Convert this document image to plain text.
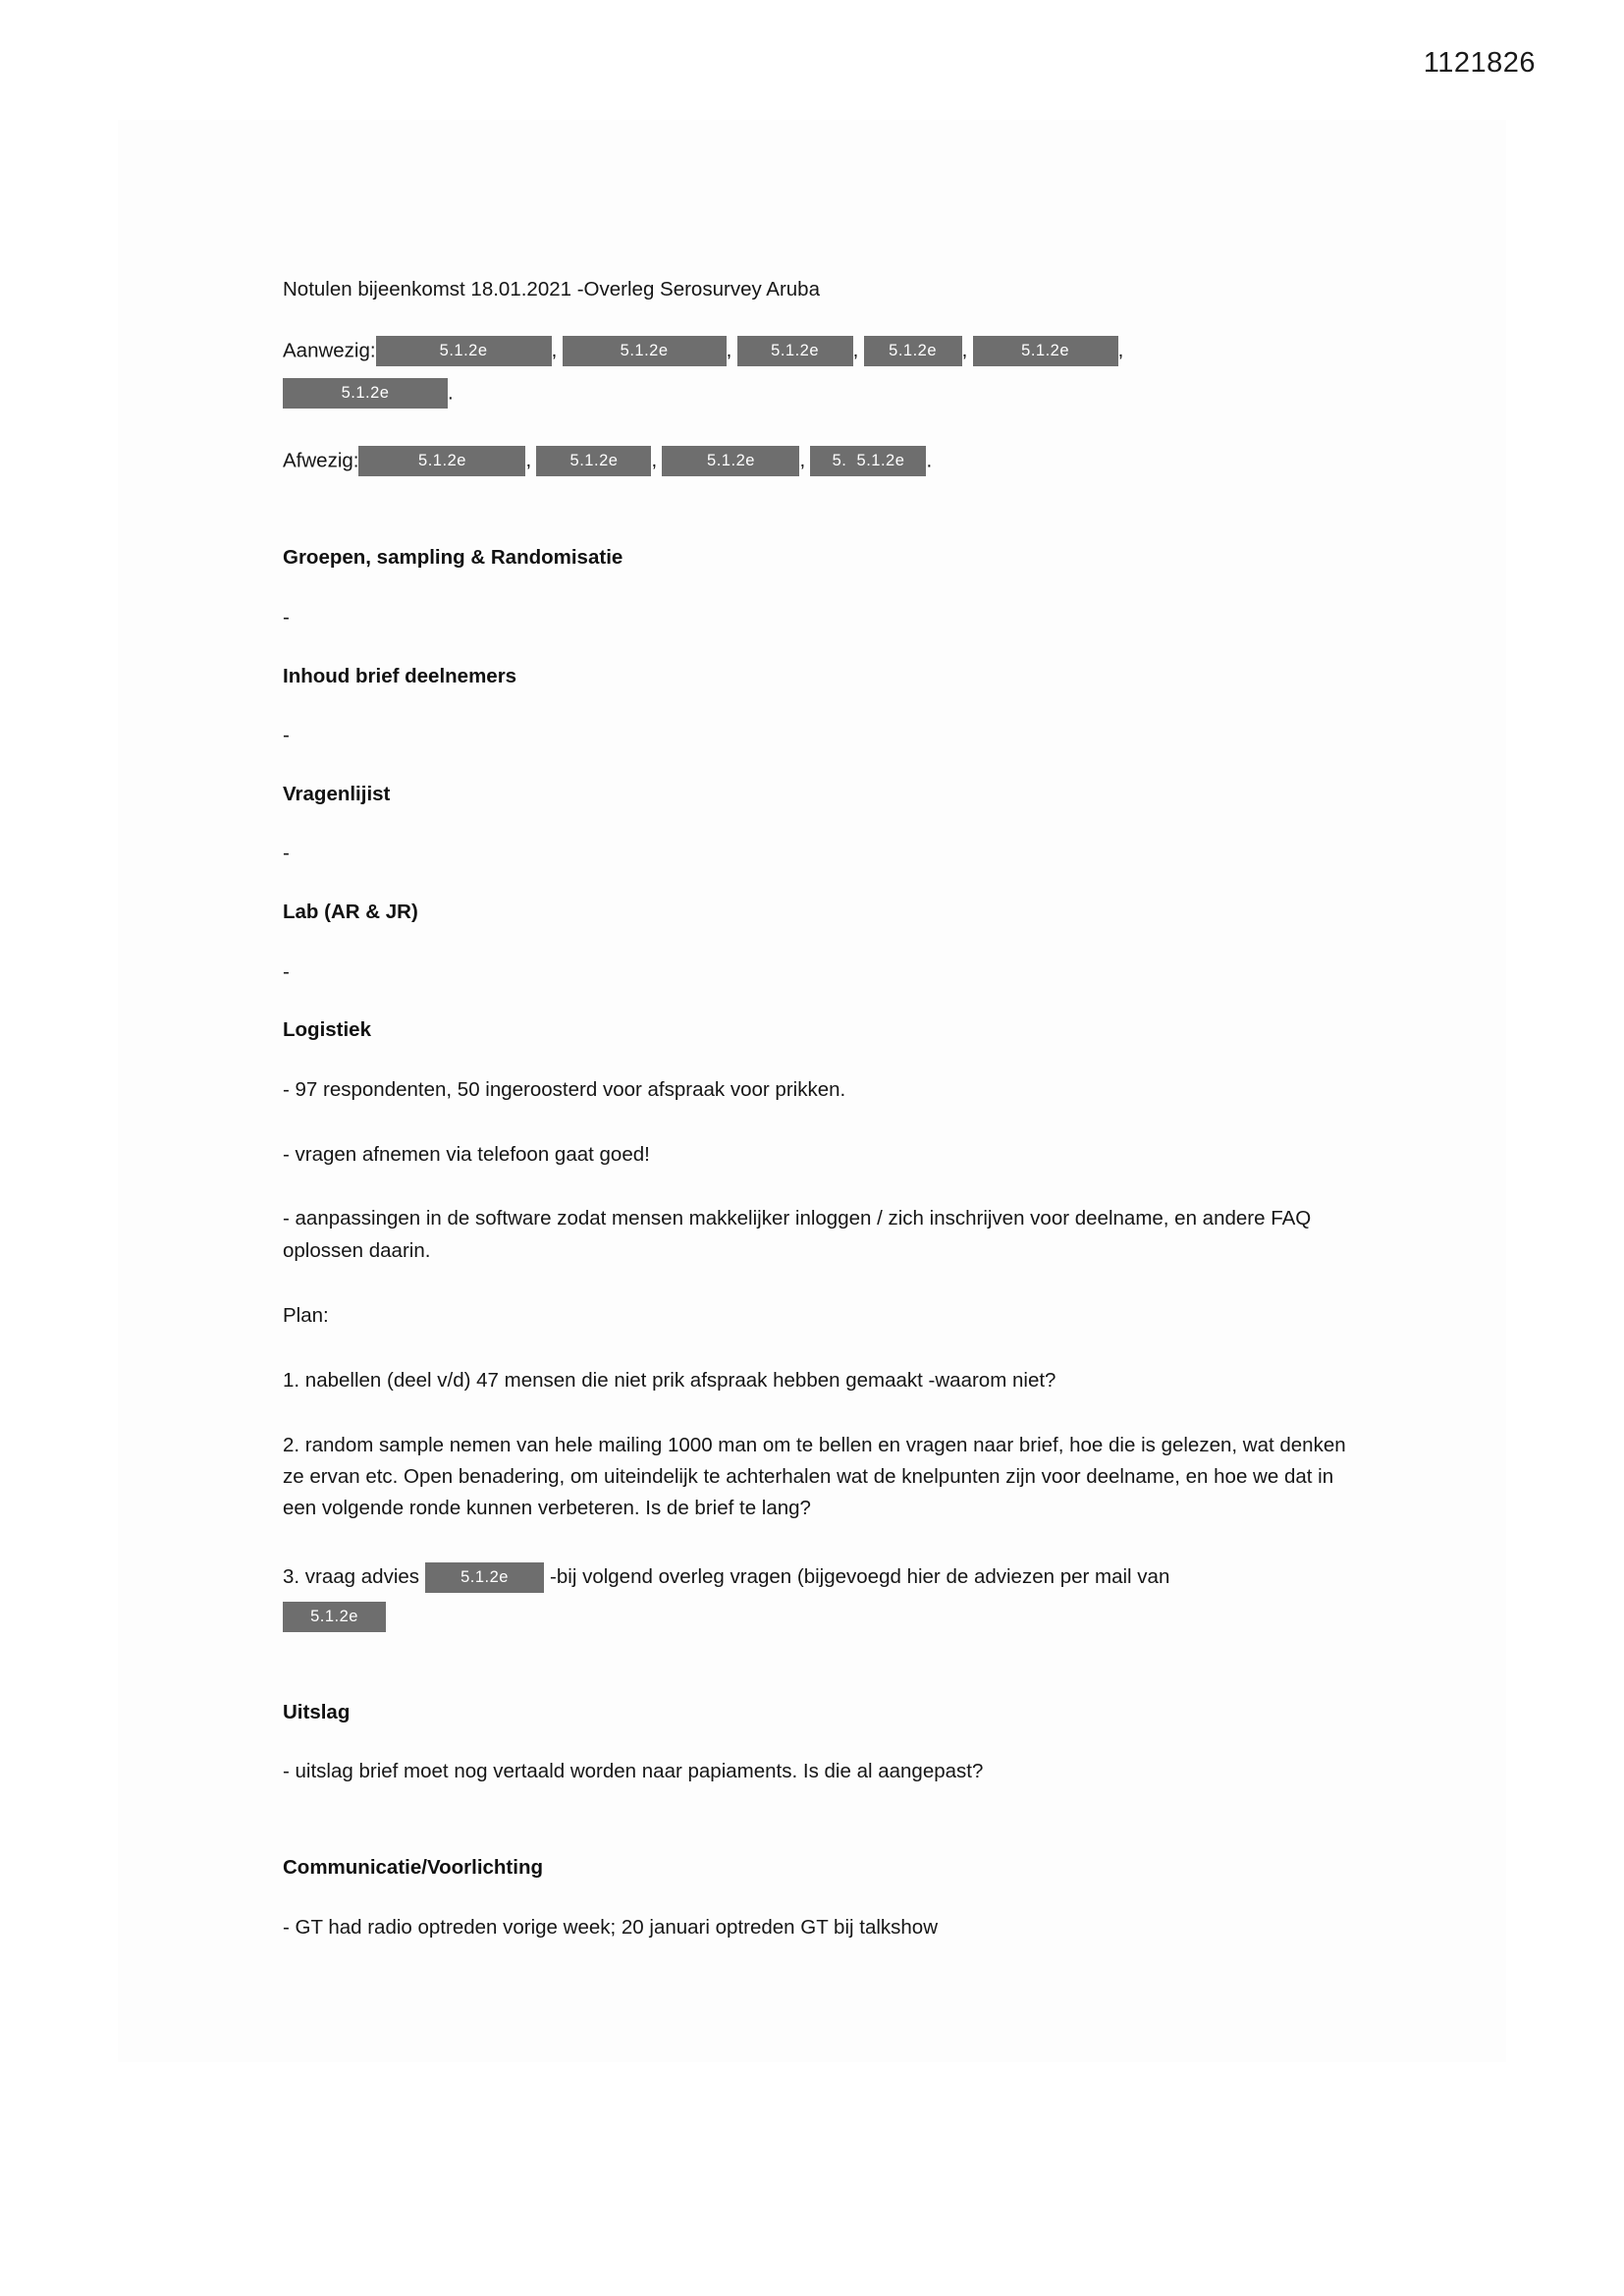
1121826

Notulen bijeenkomst 18.01.2021 -Overleg Serosurvey Aruba

Aanwezig:	5.1.2e	,	5.1.2e	, 5.1.2e , 5.1.2e ,	5.1.2e ,
5.1.2e	.
Afwezig:	5.1.2e	, 5.1.2e ,	5.1.2e , 5. 5.1.2e .
Groepen, sampling & Randomisatie

-

Inhoud brief deelnemers

-

Vragenlijist

-

Lab (AR & JR)

-

Logistiek

- 97 respondenten, 50 ingeroosterd voor afspraak voor prikken.

- vragen afnemen via telefoon gaat goed!

- aanpassingen in de software zodat mensen makkelijker inloggen / zich inschrijven voor deelname, en andere FAQ oplossen daarin.

Plan:

1. nabellen (deel v/d) 47 mensen die niet prik afspraak hebben gemaakt -waarom niet?

2. random sample nemen van hele mailing 1000 man om te bellen en vragen naar brief, hoe die is gelezen, wat denken ze ervan etc. Open benadering, om uiteindelijk te achterhalen wat de knelpunten zijn voor deelname, en hoe we dat in een volgende ronde kunnen verbeteren. Is de brief te lang?

3. vraag advies	5.1.2e -bij volgend overleg vragen (bijgevoegd hier de adviezen per mail van
5.1.2e
Uitslag

- uitslag brief moet nog vertaald worden naar papiaments. Is die al aangepast?

Communicatie/Voorlichting

- GT had radio optreden vorige week; 20 januari optreden GT bij talkshow
